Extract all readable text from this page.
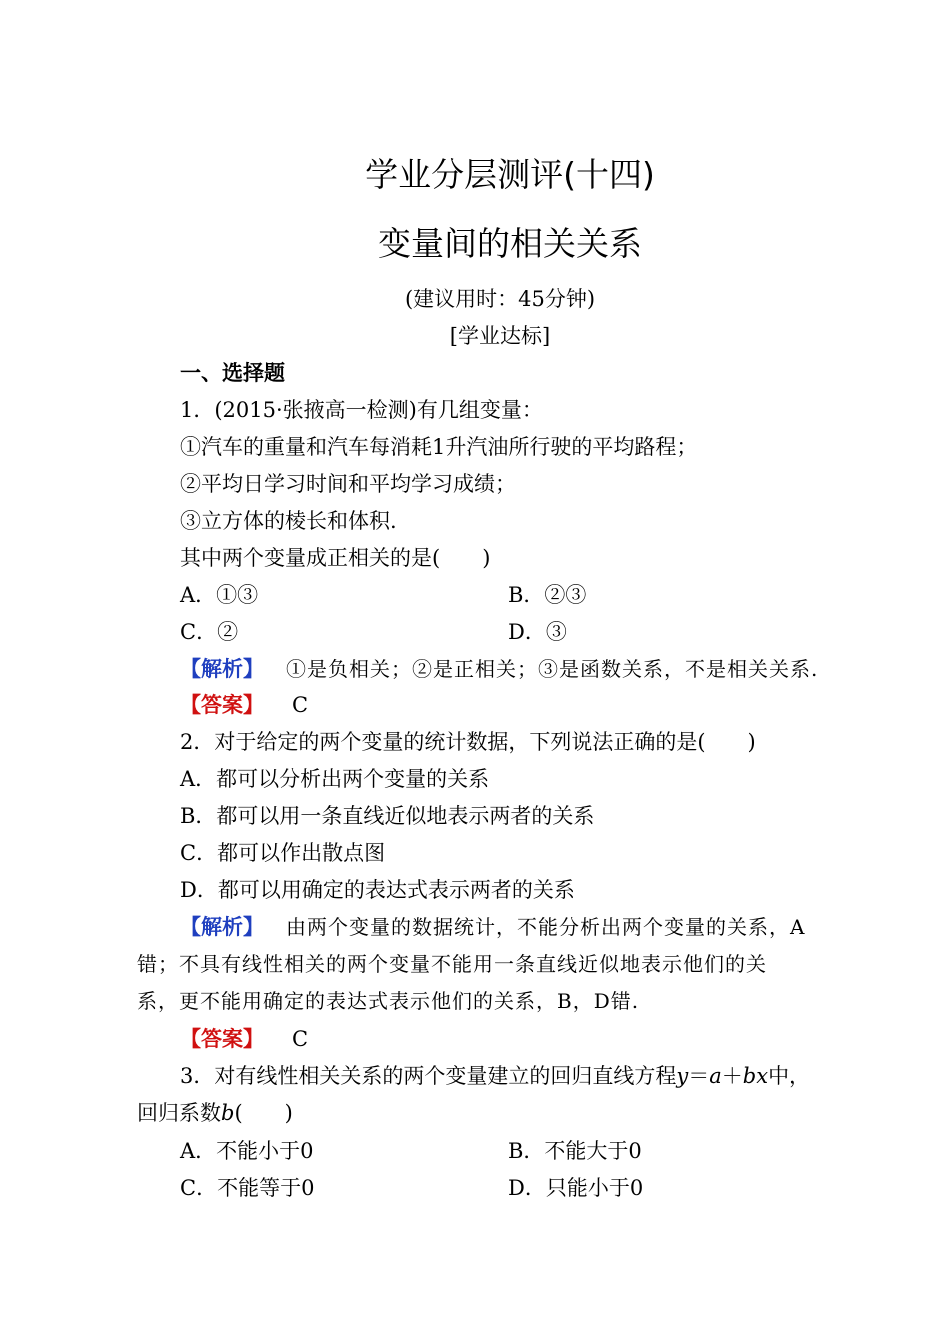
学业分层测评(十四)
变量间的相关关系
(建议用时：45分钟)
[学业达标]
一、选择题
1．(2015·张掖高一检测)有几组变量：
①汽车的重量和汽车每消耗1升汽油所行驶的平均路程；
②平均日学习时间和平均学习成绩；
③立方体的棱长和体积.
其中两个变量成正相关的是(　　)
A．①③	B．②③
C．②	D．③
【解析】 ①是负相关；②是正相关；③是函数关系，不是相关关系.
【答案】 C
2．对于给定的两个变量的统计数据，下列说法正确的是(　　)
A．都可以分析出两个变量的关系
B．都可以用一条直线近似地表示两者的关系
C．都可以作出散点图
D．都可以用确定的表达式表示两者的关系
【解析】 由两个变量的数据统计，不能分析出两个变量的关系，A
错；不具有线性相关的两个变量不能用一条直线近似地表示他们的关
系，更不能用确定的表达式表示他们的关系，B，D错.
【答案】 C
3．对有线性相关关系的两个变量建立的回归直线方程y＝a＋bx中，
回归系数b(　　)
A．不能小于0	B．不能大于0
C．不能等于0	D．只能小于0
